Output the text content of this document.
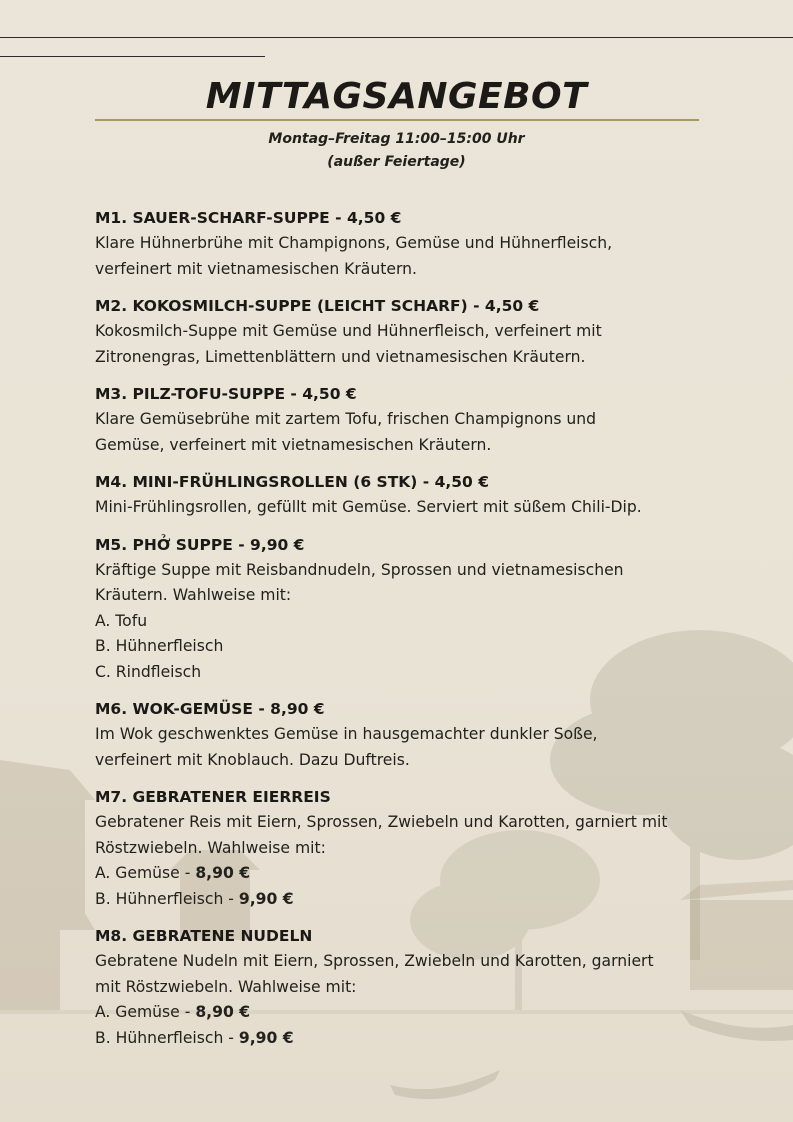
MITTAGSANGEBOT
Montag–Freitag 11:00–15:00 Uhr
(außer Feiertage)
M1. SAUER-SCHARF-SUPPE - 4,50 €
Klare Hühnerbrühe mit Champignons, Gemüse und Hühnerfleisch,
verfeinert mit vietnamesischen Kräutern.
M2. KOKOSMILCH-SUPPE (LEICHT SCHARF) - 4,50 €
Kokosmilch-Suppe mit Gemüse und Hühnerfleisch, verfeinert mit
Zitronengras, Limettenblättern und vietnamesischen Kräutern.
M3. PILZ-TOFU-SUPPE - 4,50 €
Klare Gemüsebrühe mit zartem Tofu, frischen Champignons und
Gemüse, verfeinert mit vietnamesischen Kräutern.
M4. MINI-FRÜHLINGSROLLEN (6 STK) - 4,50 €
Mini-Frühlingsrollen, gefüllt mit Gemüse. Serviert mit süßem Chili-Dip.
M5. PHỞ SUPPE - 9,90 €
Kräftige Suppe mit Reisbandnudeln, Sprossen und vietnamesischen
Kräutern. Wahlweise mit:
A. Tofu
B. Hühnerfleisch
C. Rindfleisch
M6. WOK-GEMÜSE - 8,90 €
Im Wok geschwenktes Gemüse in hausgemachter dunkler Soße,
verfeinert mit Knoblauch. Dazu Duftreis.
M7. GEBRATENER EIERREIS
Gebratener Reis mit Eiern, Sprossen, Zwiebeln und Karotten, garniert mit
Röstzwiebeln. Wahlweise mit:
A. Gemüse - 8,90 €
B. Hühnerfleisch - 9,90 €
M8. GEBRATENE NUDELN
Gebratene Nudeln mit Eiern, Sprossen, Zwiebeln und Karotten, garniert
mit Röstzwiebeln. Wahlweise mit:
A. Gemüse - 8,90 €
B. Hühnerfleisch - 9,90 €
